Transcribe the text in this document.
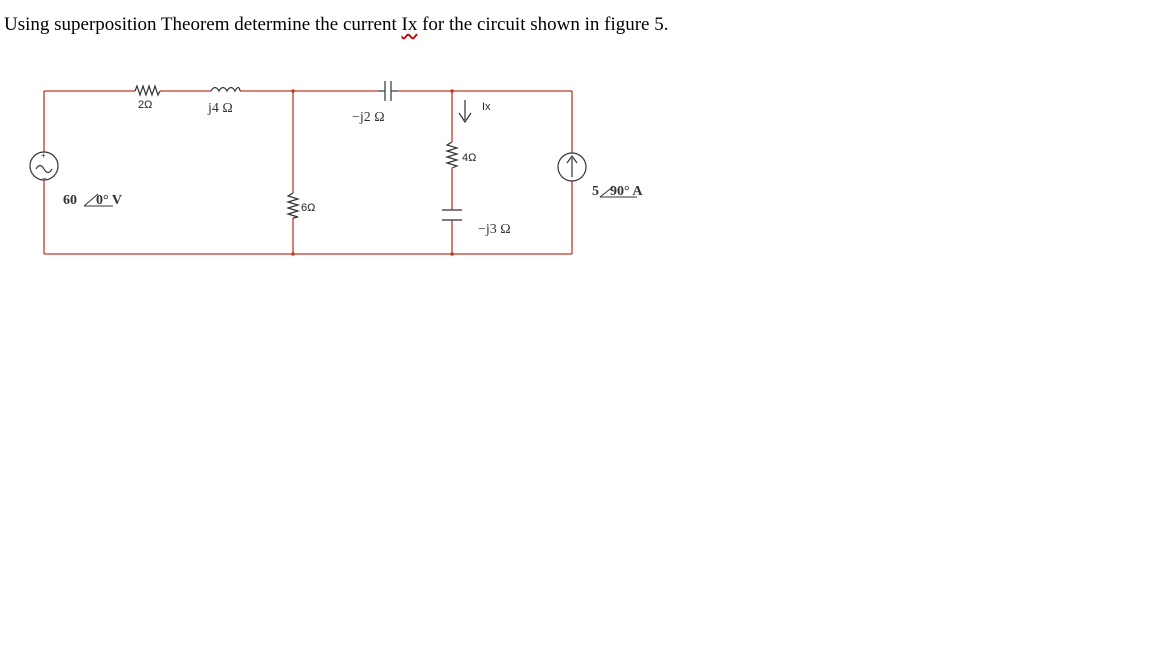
Using superposition Theorem determine the current Ix for the circuit shown in figure 5.

2Ω	j4 Ω
−j2 Ω
Ix
4Ω
−j3 Ω
6Ω
+
−
60 0° V
5 90° A
